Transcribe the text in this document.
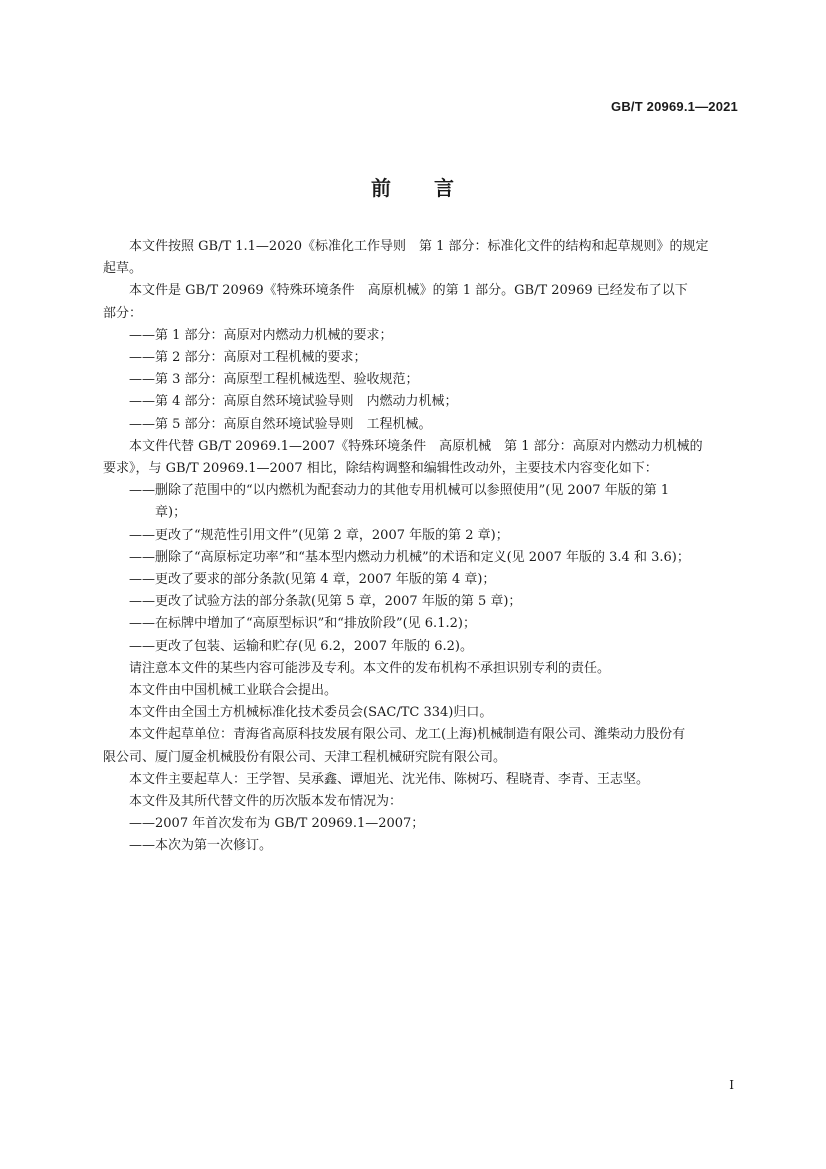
GB/T 20969.1—2021
前 言

本文件按照 GB/T 1.1—2020《标准化工作导则　第 1 部分：标准化文件的结构和起草规则》的规定

起草。

本文件是 GB/T 20969《特殊环境条件　高原机械》的第 1 部分。GB/T 20969 已经发布了以下

部分：

——第 1 部分：高原对内燃动力机械的要求；

——第 2 部分：高原对工程机械的要求；

——第 3 部分：高原型工程机械选型、验收规范；

——第 4 部分：高原自然环境试验导则　内燃动力机械；

——第 5 部分：高原自然环境试验导则　工程机械。

本文件代替 GB/T 20969.1—2007《特殊环境条件　高原机械　第 1 部分：高原对内燃动力机械的

要求》，与 GB/T 20969.1—2007 相比，除结构调整和编辑性改动外，主要技术内容变化如下：

——删除了范围中的“以内燃机为配套动力的其他专用机械可以参照使用”(见 2007 年版的第 1

章)；

——更改了“规范性引用文件”(见第 2 章，2007 年版的第 2 章)；

——删除了“高原标定功率”和“基本型内燃动力机械”的术语和定义(见 2007 年版的 3.4 和 3.6)；

——更改了要求的部分条款(见第 4 章，2007 年版的第 4 章)；

——更改了试验方法的部分条款(见第 5 章，2007 年版的第 5 章)；

——在标牌中增加了“高原型标识”和“排放阶段”(见 6.1.2)；

——更改了包装、运输和贮存(见 6.2，2007 年版的 6.2)。

请注意本文件的某些内容可能涉及专利。本文件的发布机构不承担识别专利的责任。

本文件由中国机械工业联合会提出。

本文件由全国土方机械标准化技术委员会(SAC/TC 334)归口。

本文件起草单位：青海省高原科技发展有限公司、龙工(上海)机械制造有限公司、潍柴动力股份有

限公司、厦门厦金机械股份有限公司、天津工程机械研究院有限公司。

本文件主要起草人：王学智、吴承鑫、谭旭光、沈光伟、陈树巧、程晓青、李青、王志坚。

本文件及其所代替文件的历次版本发布情况为：

——2007 年首次发布为 GB/T 20969.1—2007；

——本次为第一次修订。

I
